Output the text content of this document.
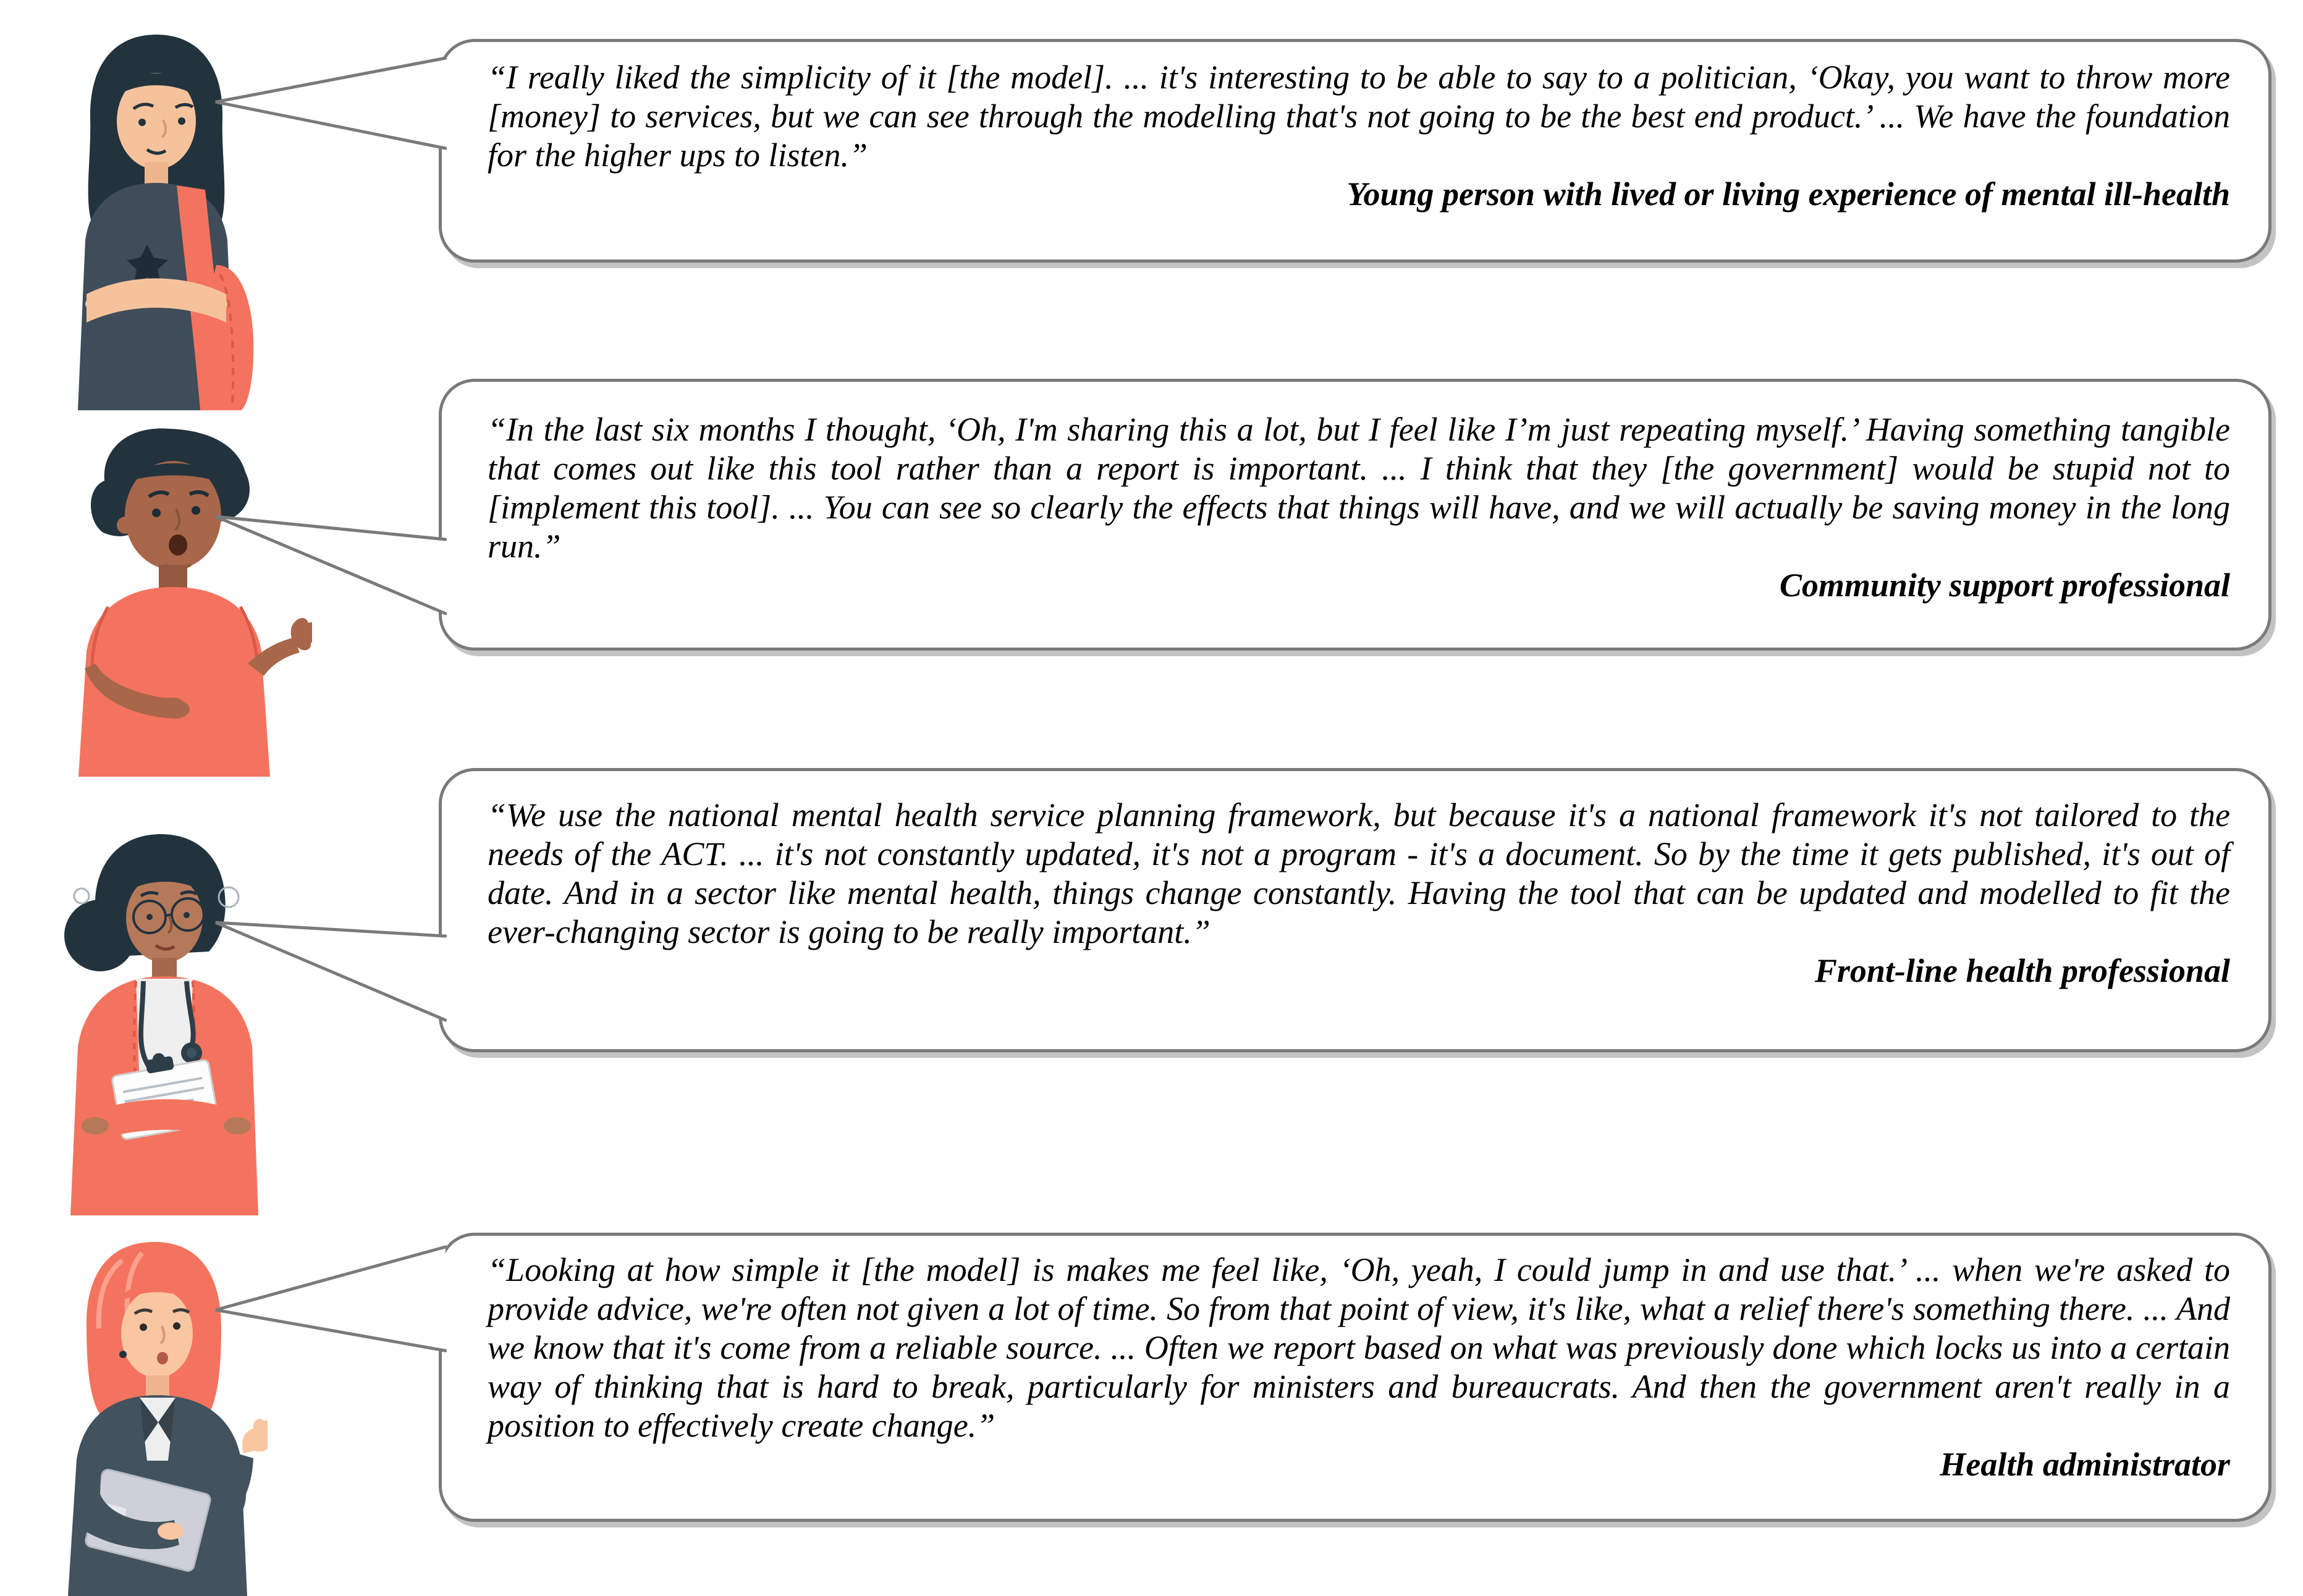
“I really liked the simplicity of it [the model]. ... it's interesting to be able to say to a politician, ‘Okay, you want to throw more [money] to services, but we can see through the modelling that's not going to be the best end product.’ ... We have the foundation for the higher ups to listen.”
Young person with lived or living experience of mental ill-health
“In the last six months I thought, ‘Oh, I'm sharing this a lot, but I feel like I’m just repeating myself.’ Having something tangible that comes out like this tool rather than a report is important. ... I think that they [the government] would be stupid not to [implement this tool]. ... You can see so clearly the effects that things will have, and we will actually be saving money in the long run.”
Community support professional
“We use the national mental health service planning framework, but because it's a national framework it's not tailored to the needs of the ACT. ... it's not constantly updated, it's not a program - it's a document. So by the time it gets published, it's out of date. And in a sector like mental health, things change constantly. Having the tool that can be updated and modelled to fit the ever-changing sector is going to be really important.”
Front-line health professional
“Looking at how simple it [the model] is makes me feel like, ‘Oh, yeah, I could jump in and use that.’ ... when we're asked to provide advice, we're often not given a lot of time. So from that point of view, it's like, what a relief there's something there. ... And we know that it's come from a reliable source. ... Often we report based on what was previously done which locks us into a certain way of thinking that is hard to break, particularly for ministers and bureaucrats. And then the government aren't really in a position to effectively create change.”
Health administrator
